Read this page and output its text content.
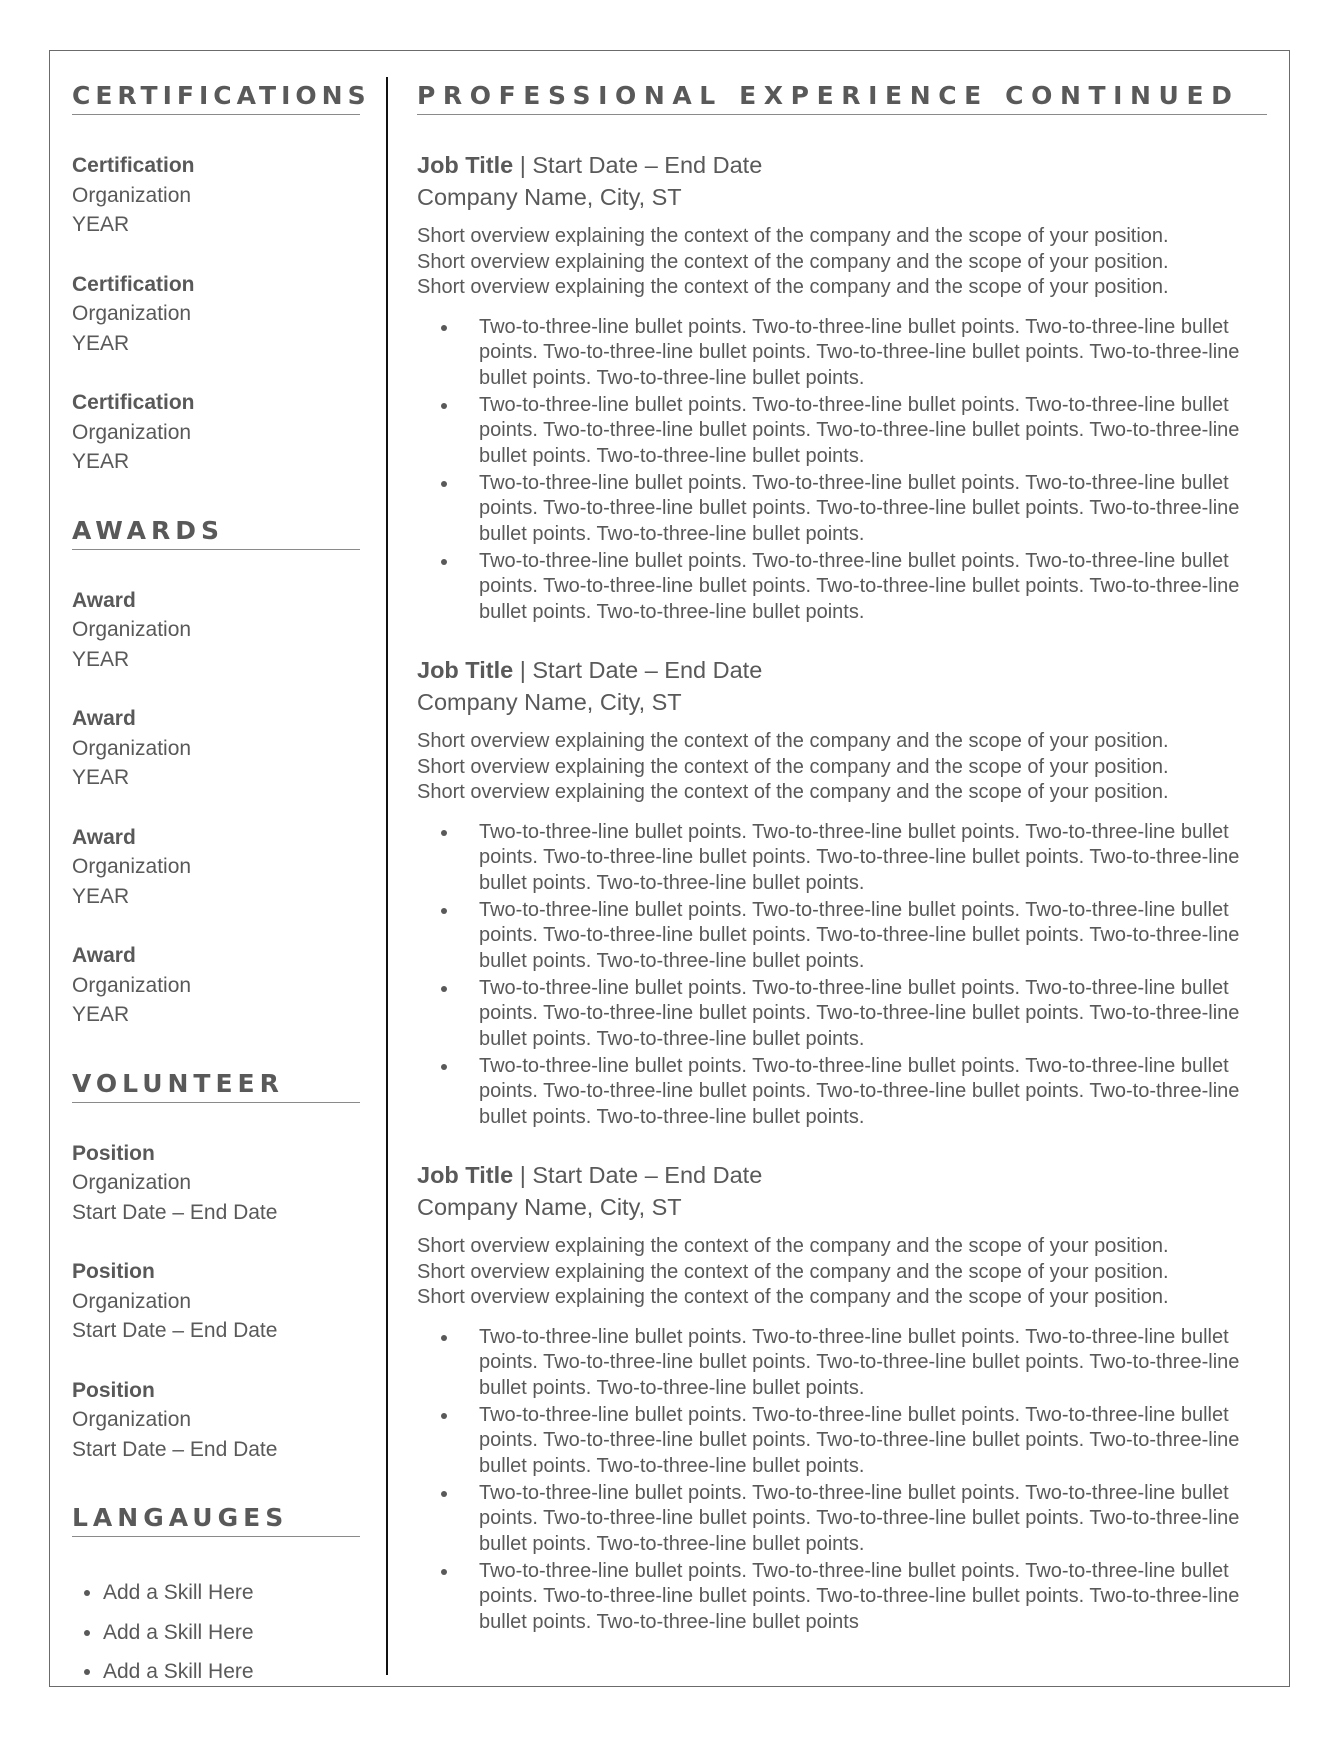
CERTIFICATIONS
Certification
Organization
YEAR
Certification
Organization
YEAR
Certification
Organization
YEAR
AWARDS
Award
Organization
YEAR
Award
Organization
YEAR
Award
Organization
YEAR
Award
Organization
YEAR
VOLUNTEER
Position
Organization
Start Date – End Date
Position
Organization
Start Date – End Date
Position
Organization
Start Date – End Date
LANGAUGES
Add a Skill Here
Add a Skill Here
Add a Skill Here
PROFESSIONAL EXPERIENCE CONTINUED
Job Title | Start Date – End Date
Company Name, City, ST
Short overview explaining the context of the company and the scope of your position.
Short overview explaining the context of the company and the scope of your position.
Short overview explaining the context of the company and the scope of your position.
Two-to-three-line bullet points. Two-to-three-line bullet points. Two-to-three-line bullet points. Two-to-three-line bullet points. Two-to-three-line bullet points. Two-to-three-line bullet points. Two-to-three-line bullet points.
Two-to-three-line bullet points. Two-to-three-line bullet points. Two-to-three-line bullet points. Two-to-three-line bullet points. Two-to-three-line bullet points. Two-to-three-line bullet points. Two-to-three-line bullet points.
Two-to-three-line bullet points. Two-to-three-line bullet points. Two-to-three-line bullet points. Two-to-three-line bullet points. Two-to-three-line bullet points. Two-to-three-line bullet points. Two-to-three-line bullet points.
Two-to-three-line bullet points. Two-to-three-line bullet points. Two-to-three-line bullet points. Two-to-three-line bullet points. Two-to-three-line bullet points. Two-to-three-line bullet points. Two-to-three-line bullet points.
Job Title | Start Date – End Date
Company Name, City, ST
Short overview explaining the context of the company and the scope of your position.
Short overview explaining the context of the company and the scope of your position.
Short overview explaining the context of the company and the scope of your position.
Two-to-three-line bullet points. Two-to-three-line bullet points. Two-to-three-line bullet points. Two-to-three-line bullet points. Two-to-three-line bullet points. Two-to-three-line bullet points. Two-to-three-line bullet points.
Two-to-three-line bullet points. Two-to-three-line bullet points. Two-to-three-line bullet points. Two-to-three-line bullet points. Two-to-three-line bullet points. Two-to-three-line bullet points. Two-to-three-line bullet points.
Two-to-three-line bullet points. Two-to-three-line bullet points. Two-to-three-line bullet points. Two-to-three-line bullet points. Two-to-three-line bullet points. Two-to-three-line bullet points. Two-to-three-line bullet points.
Two-to-three-line bullet points. Two-to-three-line bullet points. Two-to-three-line bullet points. Two-to-three-line bullet points. Two-to-three-line bullet points. Two-to-three-line bullet points. Two-to-three-line bullet points.
Job Title | Start Date – End Date
Company Name, City, ST
Short overview explaining the context of the company and the scope of your position.
Short overview explaining the context of the company and the scope of your position.
Short overview explaining the context of the company and the scope of your position.
Two-to-three-line bullet points. Two-to-three-line bullet points. Two-to-three-line bullet points. Two-to-three-line bullet points. Two-to-three-line bullet points. Two-to-three-line bullet points. Two-to-three-line bullet points.
Two-to-three-line bullet points. Two-to-three-line bullet points. Two-to-three-line bullet points. Two-to-three-line bullet points. Two-to-three-line bullet points. Two-to-three-line bullet points. Two-to-three-line bullet points.
Two-to-three-line bullet points. Two-to-three-line bullet points. Two-to-three-line bullet points. Two-to-three-line bullet points. Two-to-three-line bullet points. Two-to-three-line bullet points. Two-to-three-line bullet points.
Two-to-three-line bullet points. Two-to-three-line bullet points. Two-to-three-line bullet points. Two-to-three-line bullet points. Two-to-three-line bullet points. Two-to-three-line bullet points. Two-to-three-line bullet points
